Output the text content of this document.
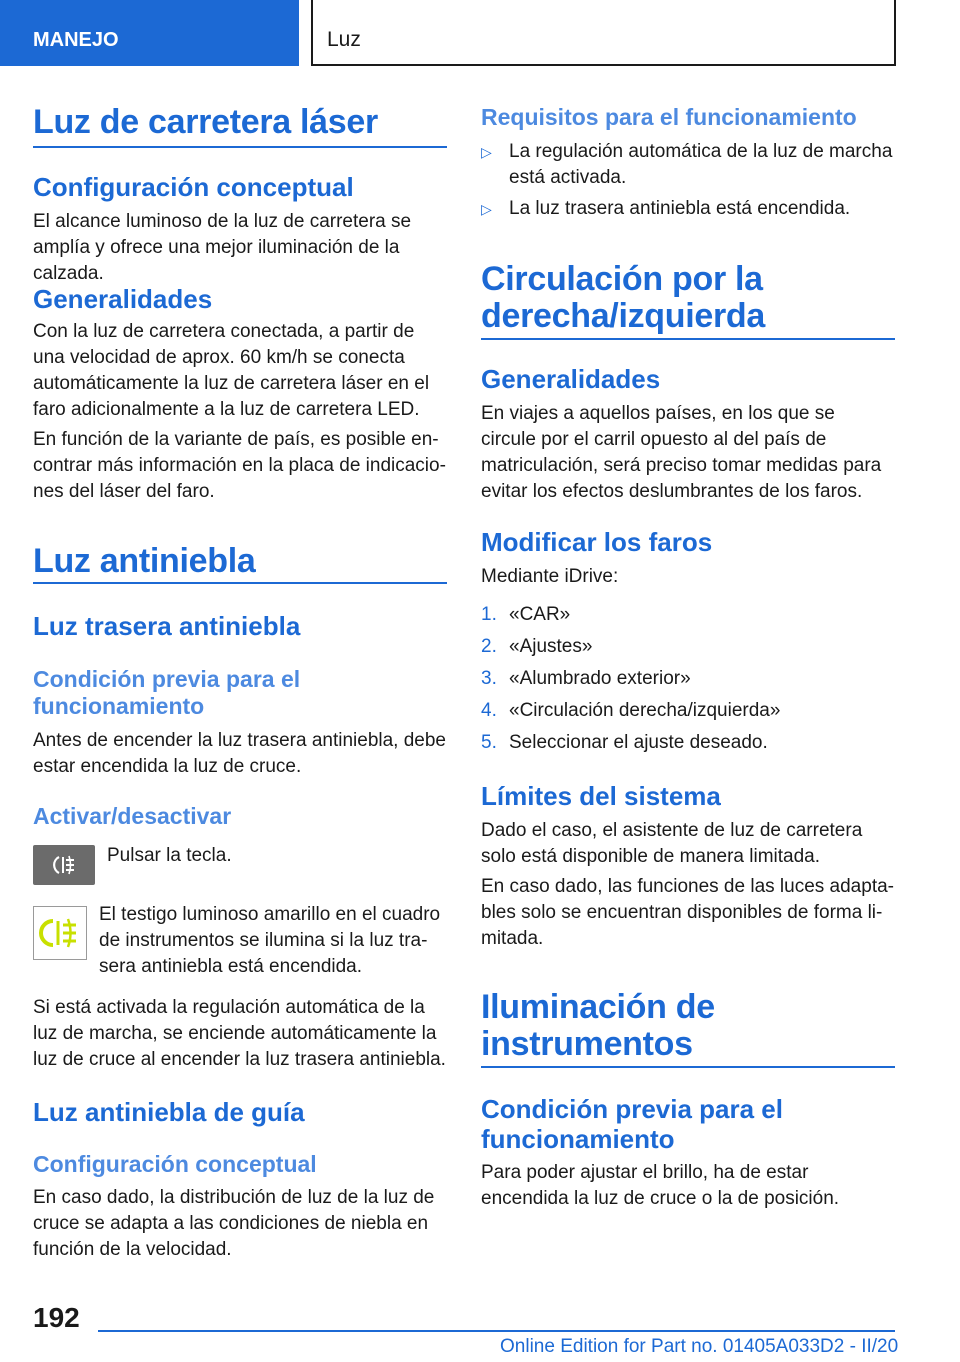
MANEJO	Luz
Luz de carretera láser
Configuración conceptual
El alcance luminoso de la luz de carretera se amplía y ofrece una mejor iluminación de la calzada.
Generalidades
Con la luz de carretera conectada, a partir de una velocidad de aprox. 60 km/h se conecta automáticamente la luz de carretera láser en el faro adicionalmente a la luz de carretera LED.
En función de la variante de país, es posible encontrar más información en la placa de indicaciones del láser del faro.
Luz antiniebla
Luz trasera antiniebla
Condición previa para el funcionamiento
Antes de encender la luz trasera antiniebla, debe estar encendida la luz de cruce.
Activar/desactivar
Pulsar la tecla.
El testigo luminoso amarillo en el cuadro de instrumentos se ilumina si la luz trasera antiniebla está encendida.
Si está activada la regulación automática de la luz de marcha, se enciende automáticamente la luz de cruce al encender la luz trasera antiniebla.
Luz antiniebla de guía
Configuración conceptual
En caso dado, la distribución de luz de la luz de cruce se adapta a las condiciones de niebla en función de la velocidad.
Requisitos para el funcionamiento
▷ La regulación automática de la luz de marcha está activada.
▷ La luz trasera antiniebla está encendida.
Circulación por la derecha/izquierda
Generalidades
En viajes a aquellos países, en los que se circule por el carril opuesto al del país de matriculación, será preciso tomar medidas para evitar los efectos deslumbrantes de los faros.
Modificar los faros
Mediante iDrive:
1. «CAR»
2. «Ajustes»
3. «Alumbrado exterior»
4. «Circulación derecha/izquierda»
5. Seleccionar el ajuste deseado.
Límites del sistema
Dado el caso, el asistente de luz de carretera solo está disponible de manera limitada.
En caso dado, las funciones de las luces adaptables solo se encuentran disponibles de forma limitada.
Iluminación de instrumentos
Condición previa para el funcionamiento
Para poder ajustar el brillo, ha de estar encendida la luz de cruce o la de posición.
192
Online Edition for Part no. 01405A033D2 - II/20
